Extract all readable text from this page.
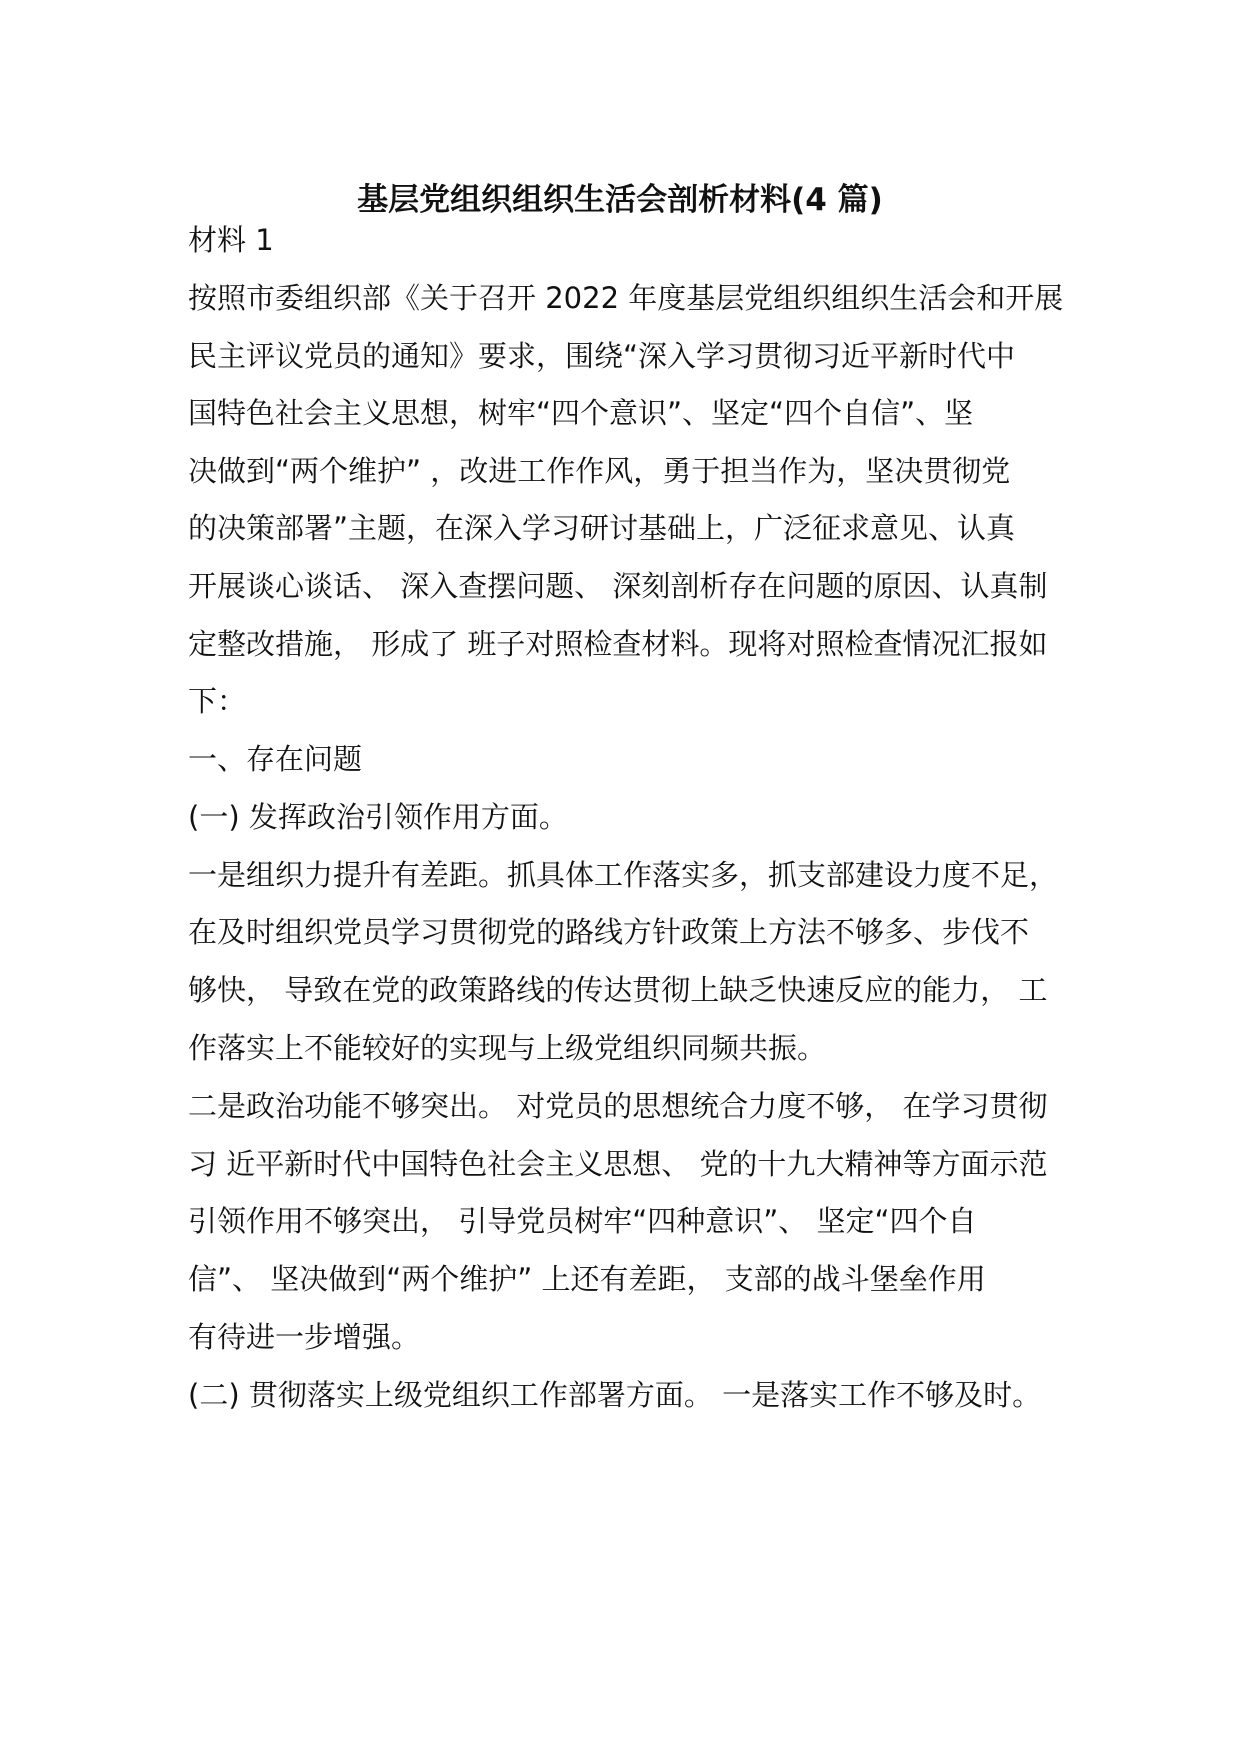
基层党组织组织生活会剖析材料(4 篇)
材料 1
按照市委组织部《关于召开 2022 年度基层党组织组织生活会和开展
民主评议党员的通知》要求，围绕“深入学习贯彻习近平新时代中
国特色社会主义思想，树牢“四个意识”、坚定“四个自信”、坚
决做到“两个维护” ，改进工作作风，勇于担当作为，坚决贯彻党
的决策部署”主题，在深入学习研讨基础上，广泛征求意见、认真
开展谈心谈话、 深入查摆问题、 深刻剖析存在问题的原因、认真制
定整改措施， 形成了 班子对照检查材料。现将对照检查情况汇报如
下：
一、存在问题
(一) 发挥政治引领作用方面。
一是组织力提升有差距。抓具体工作落实多，抓支部建设力度不足，
在及时组织党员学习贯彻党的路线方针政策上方法不够多、步伐不
够快， 导致在党的政策路线的传达贯彻上缺乏快速反应的能力， 工
作落实上不能较好的实现与上级党组织同频共振。
二是政治功能不够突出。 对党员的思想统合力度不够， 在学习贯彻
习 近平新时代中国特色社会主义思想、 党的十九大精神等方面示范
引领作用不够突出， 引导党员树牢“四种意识”、 坚定“四个自
信”、 坚决做到“两个维护” 上还有差距， 支部的战斗堡垒作用
有待进一步增强。
(二) 贯彻落实上级党组织工作部署方面。 一是落实工作不够及时。
